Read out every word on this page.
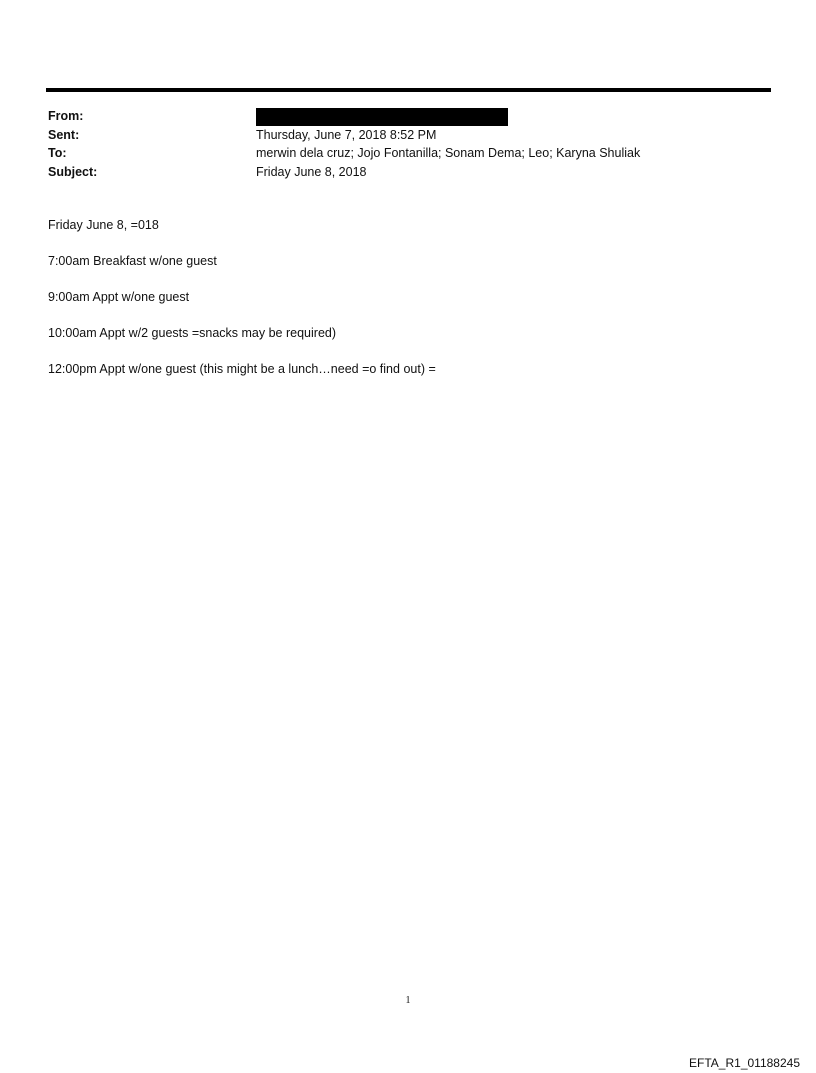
From:
Sent:	Thursday, June 7, 2018 8:52 PM
To:	merwin dela cruz; Jojo Fontanilla; Sonam Dema; Leo; Karyna Shuliak
Subject:	Friday June 8, 2018

Friday June 8, =018

7:00am Breakfast w/one guest

9:00am Appt w/one guest

10:00am Appt w/2 guests =snacks may be required)

12:00pm Appt w/one guest (this might be a lunch…need =o find out) =

1
EFTA_R1_01188245
